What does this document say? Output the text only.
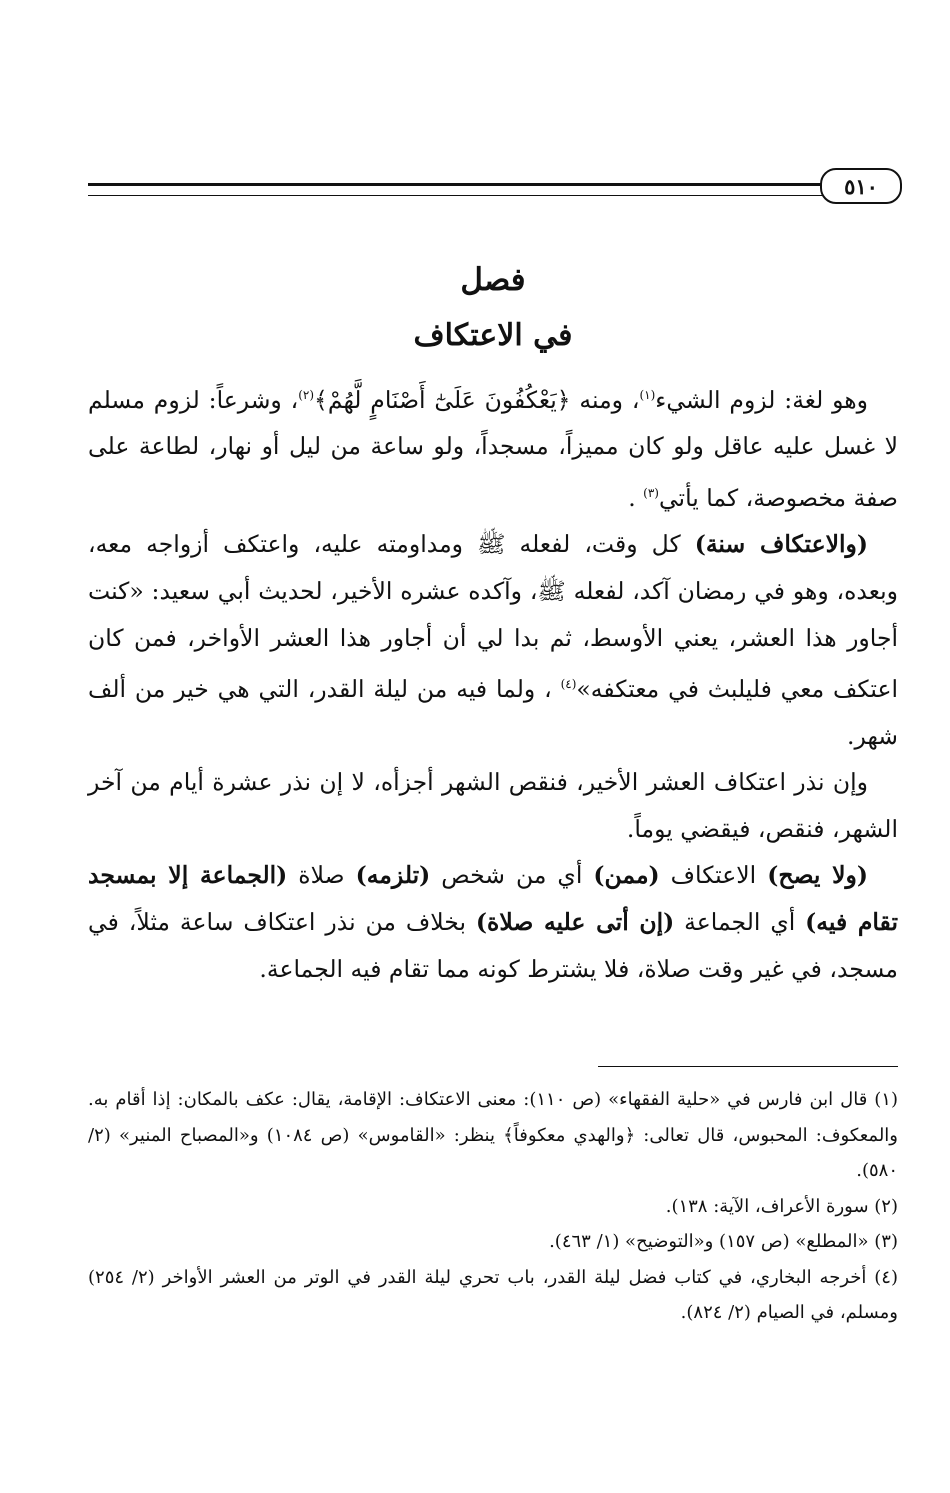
٥١٠
فصل
في الاعتكاف

وهو لغة: لزوم الشيء$^{(١)}$، ومنه ﴿يَعْكُفُونَ عَلَىٰٓ أَصْنَامٍ لَّهُمْ﴾$^{(٢)}$، وشرعاً: لزوم مسلم لا غسل عليه عاقل ولو كان مميزاً، مسجداً، ولو ساعة من ليل أو نهار، لطاعة على صفة مخصوصة، كما يأتي$^{(٣)}$ .

(والاعتكاف سنة) كل وقت، لفعله ﷺ ومداومته عليه، واعتكف أزواجه معه، وبعده، وهو في رمضان آكد، لفعله ﷺ، وآكده عشره الأخير، لحديث أبي سعيد: «كنت أجاور هذا العشر، يعني الأوسط، ثم بدا لي أن أجاور هذا العشر الأواخر، فمن كان اعتكف معي فليلبث في معتكفه»$^{(٤)}$ ، ولما فيه من ليلة القدر، التي هي خير من ألف شهر.

وإن نذر اعتكاف العشر الأخير، فنقص الشهر أجزأه، لا إن نذر عشرة أيام من آخر الشهر، فنقص، فيقضي يوماً.

(ولا يصح) الاعتكاف (ممن) أي من شخص (تلزمه) صلاة (الجماعة إلا بمسجد تقام فيه) أي الجماعة (إن أتى عليه صلاة) بخلاف من نذر اعتكاف ساعة مثلاً، في مسجد، في غير وقت صلاة، فلا يشترط كونه مما تقام فيه الجماعة.

(١) قال ابن فارس في «حلية الفقهاء» (ص ١١٠): معنى الاعتكاف: الإقامة، يقال: عكف بالمكان: إذا أقام به. والمعكوف: المحبوس، قال تعالى: ﴿والهدي معكوفاً﴾ ينظر: «القاموس» (ص ١٠٨٤) و«المصباح المنير» (٢/ ٥٨٠).

(٢) سورة الأعراف، الآية: ١٣٨).

(٣) «المطلع» (ص ١٥٧) و«التوضيح» (١/ ٤٦٣).

(٤) أخرجه البخاري، في كتاب فضل ليلة القدر، باب تحري ليلة القدر في الوتر من العشر الأواخر (٢/ ٢٥٤) ومسلم، في الصيام (٢/ ٨٢٤).
